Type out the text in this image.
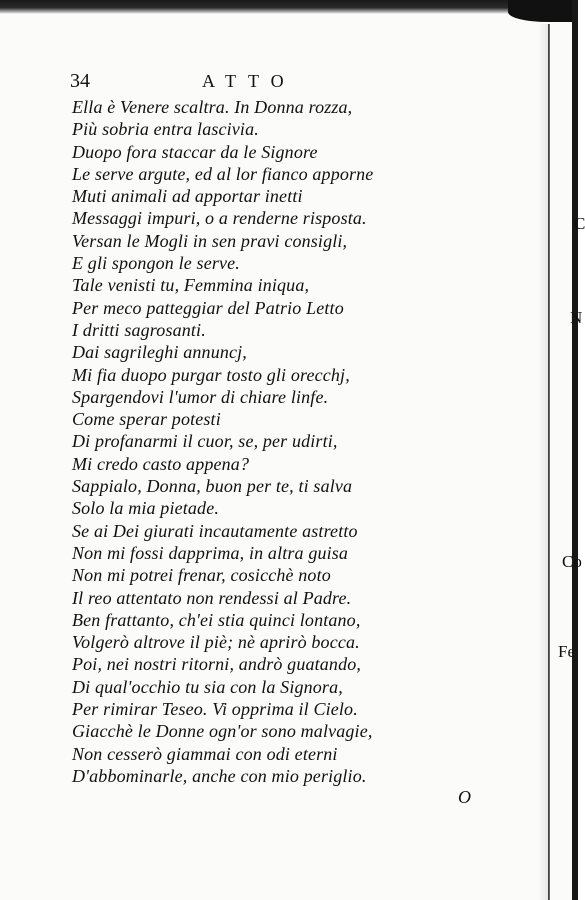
34	ATTO
Ella è Venere scaltra. In Donna rozza,
Più sobria entra lascivia.
Duopo fora staccar da le Signore
Le serve argute, ed al lor fianco apporne
Muti animali ad apportar inetti
Messaggi impuri, o a renderne risposta.
Versan le Mogli in sen pravi consigli,
E gli spongon le serve.
Tale venisti tu, Femmina iniqua,
Per meco patteggiar del Patrio Letto
I dritti sagrosanti.
Dai sagrileghi annuncj,
Mi fia duopo purgar tosto gli orecchj,
Spargendovi l'umor di chiare linfe.
Come sperar potesti
Di profanarmi il cuor, se, per udirti,
Mi credo casto appena?
Sappialo, Donna, buon per te, ti salva
Solo la mia pietade.
Se ai Dei giurati incautamente astretto
Non mi fossi dapprima, in altra guisa
Non mi potrei frenar, cosicchè noto
Il reo attentato non rendessi al Padre.
Ben frattanto, ch'ei stia quinci lontano,
Volgerò altrove il piè; nè aprirò bocca.
Poi, nei nostri ritorni, andrò guatando,
Di qual'occhio tu sia con la Signora,
Per rimirar Teseo. Vi opprima il Cielo.
Giacchè le Donne ogn'or sono malvagie,
Non cesserò giammai con odi eterni
D'abbominarle, anche con mio periglio.
O
C
N
Co
Fe
